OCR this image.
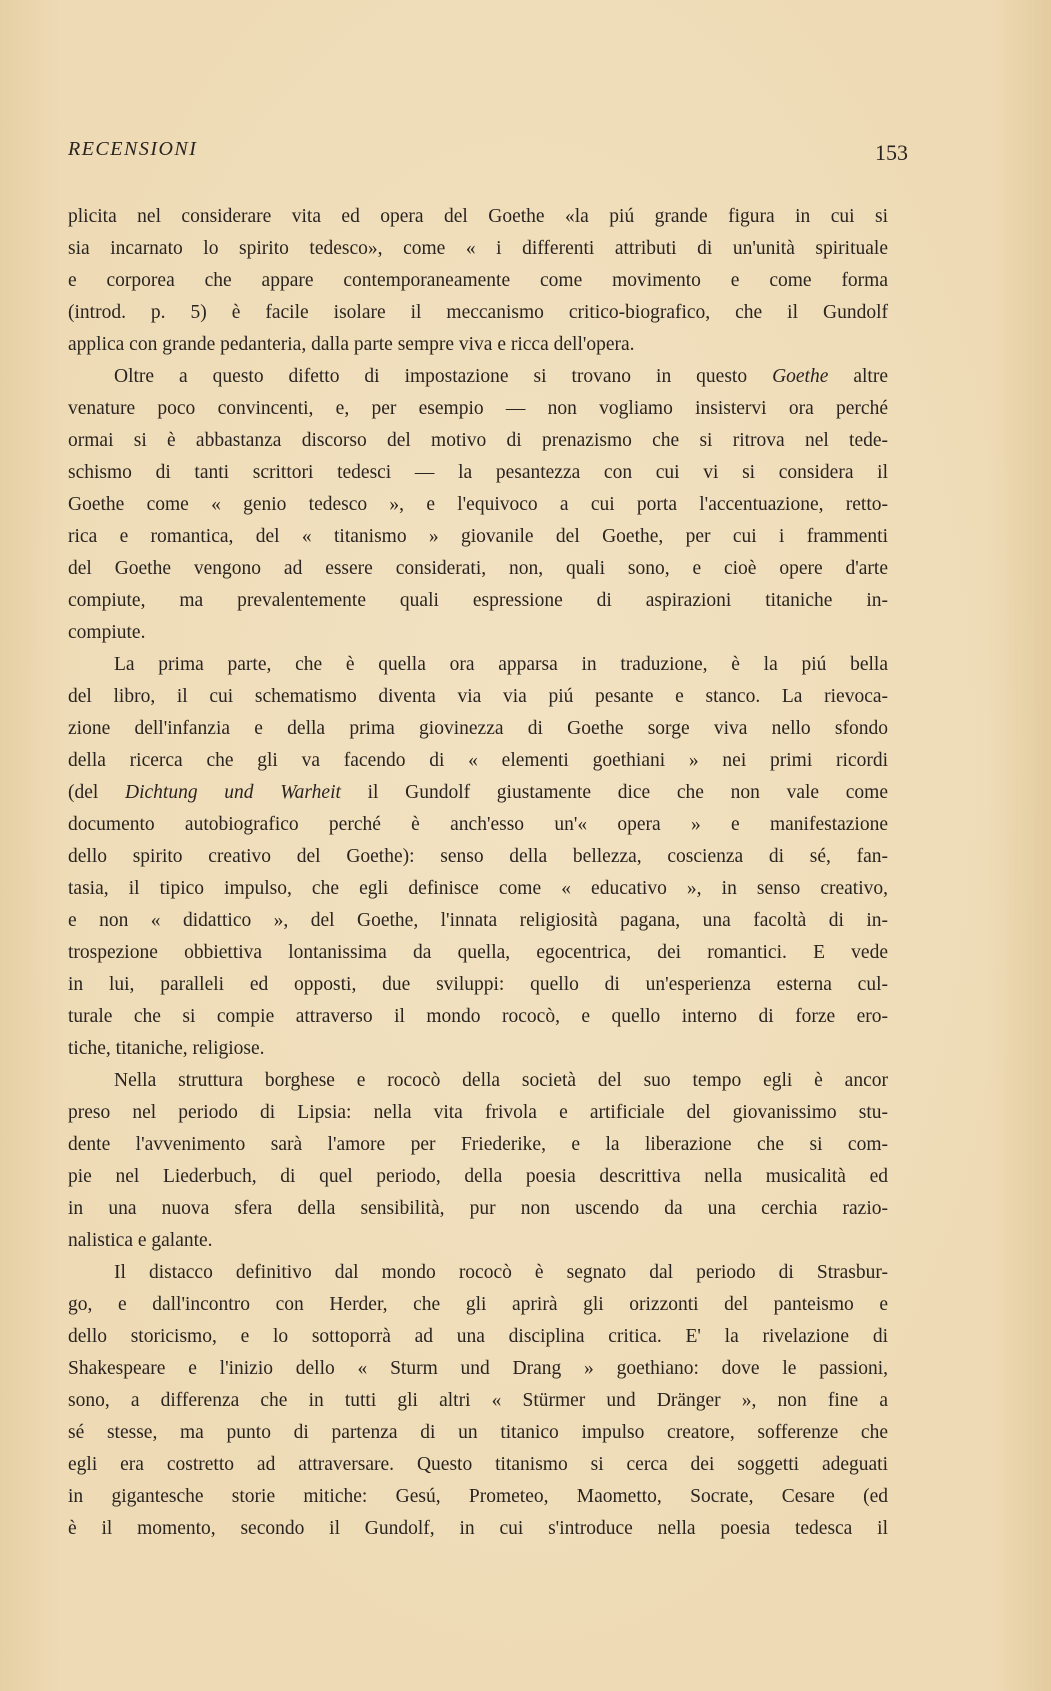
RECENSIONI	153
plicita nel considerare vita ed opera del Goethe «la piú grande figura in cui si
sia incarnato lo spirito tedesco», come « i differenti attributi di un'unità spirituale
e corporea che appare contemporaneamente come movimento e come forma
(introd. p. 5) è facile isolare il meccanismo critico-biografico, che il Gundolf
applica con grande pedanteria, dalla parte sempre viva e ricca dell'opera.
Oltre a questo difetto di impostazione si trovano in questo Goethe altre
venature poco convincenti, e, per esempio — non vogliamo insistervi ora perché
ormai si è abbastanza discorso del motivo di prenazismo che si ritrova nel tede-
schismo di tanti scrittori tedesci — la pesantezza con cui vi si considera il
Goethe come « genio tedesco », e l'equivoco a cui porta l'accentuazione, retto-
rica e romantica, del « titanismo » giovanile del Goethe, per cui i frammenti
del Goethe vengono ad essere considerati, non, quali sono, e cioè opere d'arte
compiute, ma prevalentemente quali espressione di aspirazioni titaniche in-
compiute.
La prima parte, che è quella ora apparsa in traduzione, è la piú bella
del libro, il cui schematismo diventa via via piú pesante e stanco. La rievoca-
zione dell'infanzia e della prima giovinezza di Goethe sorge viva nello sfondo
della ricerca che gli va facendo di « elementi goethiani » nei primi ricordi
(del Dichtung und Warheit il Gundolf giustamente dice che non vale come
documento autobiografico perché è anch'esso un'« opera » e manifestazione
dello spirito creativo del Goethe): senso della bellezza, coscienza di sé, fan-
tasia, il tipico impulso, che egli definisce come « educativo », in senso creativo,
e non « didattico », del Goethe, l'innata religiosità pagana, una facoltà di in-
trospezione obbiettiva lontanissima da quella, egocentrica, dei romantici. E vede
in lui, paralleli ed opposti, due sviluppi: quello di un'esperienza esterna cul-
turale che si compie attraverso il mondo rococò, e quello interno di forze ero-
tiche, titaniche, religiose.
Nella struttura borghese e rococò della società del suo tempo egli è ancor
preso nel periodo di Lipsia: nella vita frivola e artificiale del giovanissimo stu-
dente l'avvenimento sarà l'amore per Friederike, e la liberazione che si com-
pie nel Liederbuch, di quel periodo, della poesia descrittiva nella musicalità ed
in una nuova sfera della sensibilità, pur non uscendo da una cerchia razio-
nalistica e galante.
Il distacco definitivo dal mondo rococò è segnato dal periodo di Strasbur-
go, e dall'incontro con Herder, che gli aprirà gli orizzonti del panteismo e
dello storicismo, e lo sottoporrà ad una disciplina critica. E' la rivelazione di
Shakespeare e l'inizio dello « Sturm und Drang » goethiano: dove le passioni,
sono, a differenza che in tutti gli altri « Stürmer und Dränger », non fine a
sé stesse, ma punto di partenza di un titanico impulso creatore, sofferenze che
egli era costretto ad attraversare. Questo titanismo si cerca dei soggetti adeguati
in gigantesche storie mitiche: Gesú, Prometeo, Maometto, Socrate, Cesare (ed
è il momento, secondo il Gundolf, in cui s'introduce nella poesia tedesca il
